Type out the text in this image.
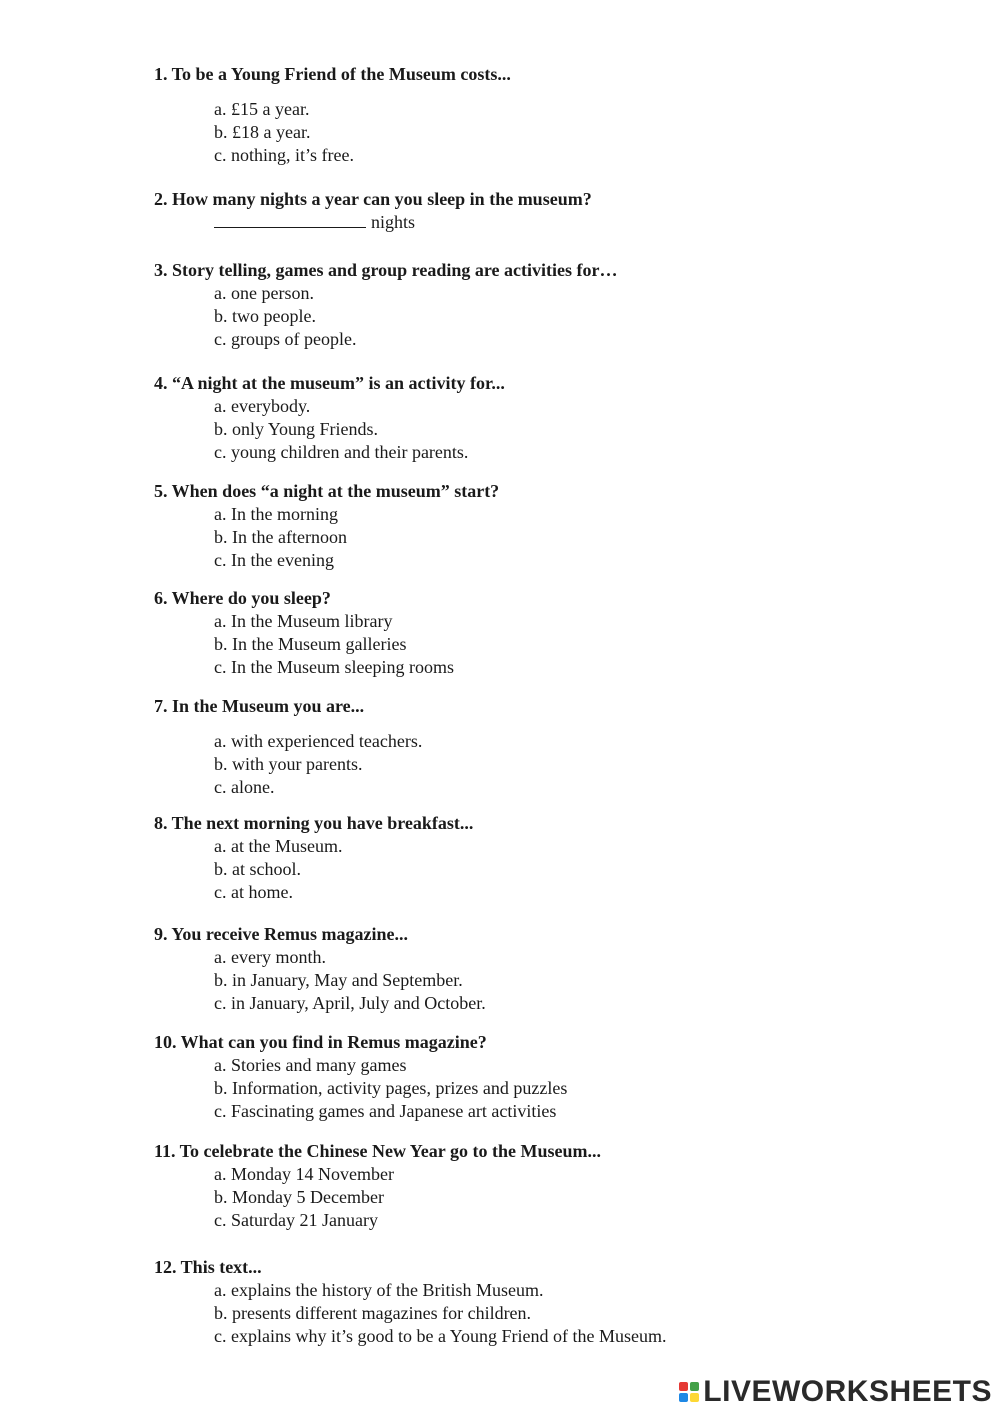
1. To be a Young Friend of the Museum costs...
a. £15 a year.
b. £18 a year.
c. nothing, it’s free.
2. How many nights a year can you sleep in the museum?
nights
3. Story telling, games and group reading are activities for…
a. one person.
b. two people.
c. groups of people.
4. “A night at the museum” is an activity for...
a. everybody.
b. only Young Friends.
c. young children and their parents.
5. When does “a night at the museum” start?
a. In the morning
b. In the afternoon
c. In the evening
6. Where do you sleep?
a. In the Museum library
b. In the Museum galleries
c. In the Museum sleeping rooms
7. In the Museum you are...
a. with experienced teachers.
b. with your parents.
c. alone.
8. The next morning you have breakfast...
a. at the Museum.
b. at school.
c. at home.
9. You receive Remus magazine...
a. every month.
b. in January, May and September.
c. in January, April, July and October.
10. What can you find in Remus magazine?
a. Stories and many games
b. Information, activity pages, prizes and puzzles
c. Fascinating games and Japanese art activities
11. To celebrate the Chinese New Year go to the Museum...
a. Monday 14 November
b. Monday 5 December
c. Saturday 21 January
12. This text...
a. explains the history of the British Museum.
b. presents different magazines for children.
c. explains why it’s good to be a Young Friend of the Museum.
LIVEWORKSHEETS
